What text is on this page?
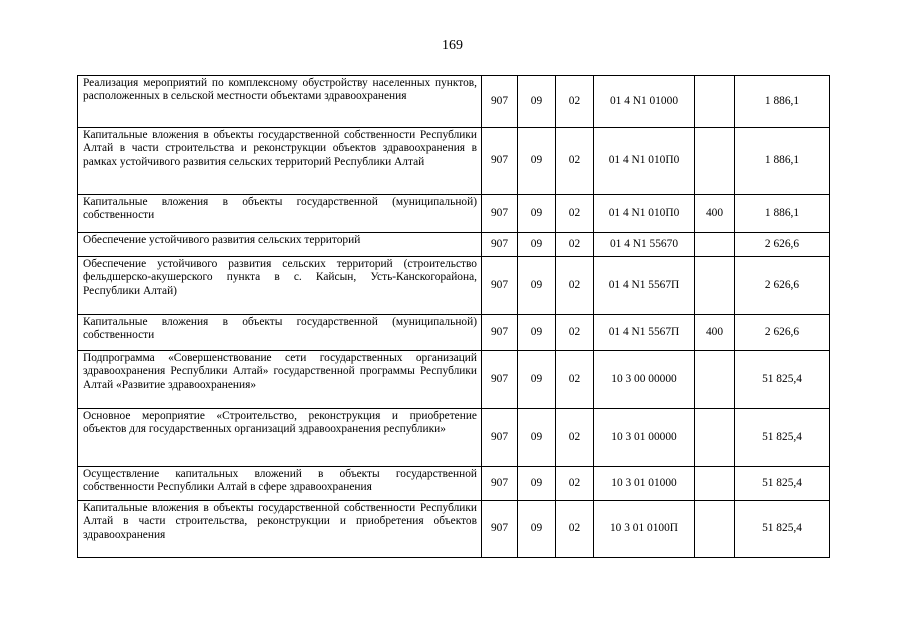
169
Реализация мероприятий по комплексному обустройству населенных пунктов, расположенных в сельской местности объектами здравоохранения	907	09	02	01 4 N1 01000		1 886,1
Капитальные вложения в объекты государственной собственности Республики Алтай в части строительства и реконструкции объектов здравоохранения в рамках устойчивого развития сельских территорий Республики Алтай	907	09	02	01 4 N1 010П0		1 886,1
Капитальные вложения в объекты государственной (муниципальной) собственности	907	09	02	01 4 N1 010П0	400	1 886,1
Обеспечение устойчивого развития сельских территорий	907	09	02	01 4 N1 55670		2 626,6
Обеспечение устойчивого развития сельских территорий (строительство фельдшерско-акушерского пункта в с. Кайсын, Усть-Канскогорайона, Республики Алтай)	907	09	02	01 4 N1 5567П		2 626,6
Капитальные вложения в объекты государственной (муниципальной) собственности	907	09	02	01 4 N1 5567П	400	2 626,6
Подпрограмма «Совершенствование сети государственных организаций здравоохранения Республики Алтай» государственной программы Республики Алтай «Развитие здравоохранения»	907	09	02	10 3 00 00000		51 825,4
Основное мероприятие «Строительство, реконструкция и приобретение объектов для государственных организаций здравоохранения республики»	907	09	02	10 3 01 00000		51 825,4
Осуществление капитальных вложений в объекты государственной собственности Республики Алтай в сфере здравоохранения	907	09	02	10 3 01 01000		51 825,4
Капитальные вложения в объекты государственной собственности Республики Алтай в части строительства, реконструкции и приобретения объектов здравоохранения	907	09	02	10 3 01 0100П		51 825,4
